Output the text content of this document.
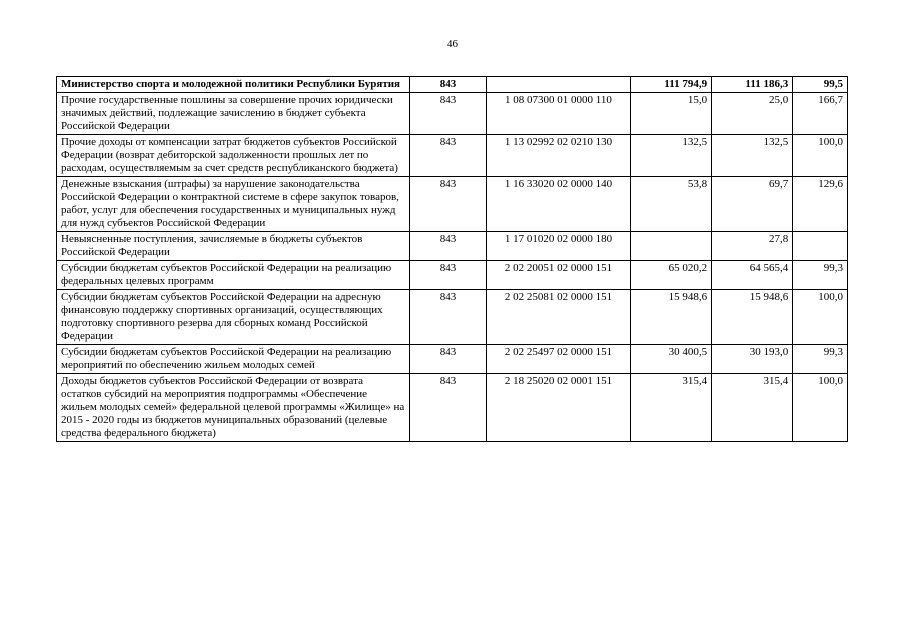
46
Министерство спорта и молодежной политики Республики Бурятия	843		111 794,9	111 186,3	99,5
Прочие государственные пошлины за совершение прочих юридически значимых действий, подлежащие зачислению в бюджет субъекта Российской Федерации	843	1 08 07300 01 0000 110	15,0	25,0	166,7
Прочие доходы от компенсации затрат бюджетов субъектов Российской Федерации (возврат дебиторской задолженности прошлых лет по расходам, осуществляемым за счет средств республиканского бюджета)	843	1 13 02992 02 0210 130	132,5	132,5	100,0
Денежные взыскания (штрафы) за нарушение законодательства Российской Федерации о контрактной системе в сфере закупок товаров, работ, услуг для обеспечения государственных и муниципальных нужд для нужд субъектов Российской Федерации	843	1 16 33020 02 0000 140	53,8	69,7	129,6
Невыясненные поступления, зачисляемые в бюджеты субъектов Российской Федерации	843	1 17 01020 02 0000 180		27,8	
Субсидии бюджетам субъектов Российской Федерации на реализацию федеральных целевых программ	843	2 02 20051 02 0000 151	65 020,2	64 565,4	99,3
Субсидии бюджетам субъектов Российской Федерации на адресную финансовую поддержку спортивных организаций, осуществляющих подготовку спортивного резерва для сборных команд Российской Федерации	843	2 02 25081 02 0000 151	15 948,6	15 948,6	100,0
Субсидии бюджетам субъектов Российской Федерации на реализацию мероприятий по обеспечению жильем молодых семей	843	2 02 25497 02 0000 151	30 400,5	30 193,0	99,3
Доходы бюджетов субъектов Российской Федерации от возврата остатков субсидий на мероприятия подпрограммы «Обеспечение жильем молодых семей» федеральной целевой программы «Жилище» на 2015 - 2020 годы из бюджетов муниципальных образований (целевые средства федерального бюджета)	843	2 18 25020 02 0001 151	315,4	315,4	100,0
